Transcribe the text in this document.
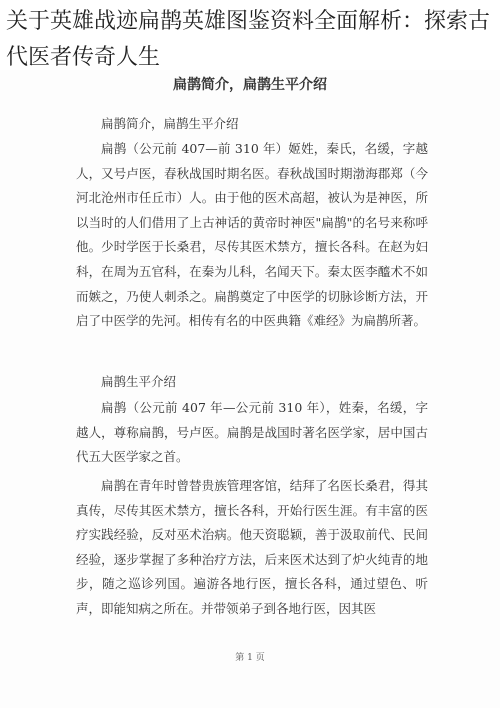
关于英雄战迹扁鹊英雄图鉴资料全面解析：探索古代医者传奇人生
扁鹊简介，扁鹊生平介绍

扁鹊简介，扁鹊生平介绍

扁鹊（公元前 407—前 310 年）姬姓，秦氏，名缓，字越人，又号卢医，春秋战国时期名医。春秋战国时期渤海郡郑（今河北沧州市任丘市）人。由于他的医术高超，被认为是神医，所以当时的人们借用了上古神话的黄帝时神医"扁鹊"的名号来称呼他。少时学医于长桑君，尽传其医术禁方，擅长各科。在赵为妇科，在周为五官科，在秦为儿科，名闻天下。秦太医李醯术不如而嫉之，乃使人刺杀之。扁鹊奠定了中医学的切脉诊断方法，开启了中医学的先河。相传有名的中医典籍《难经》为扁鹊所著。

扁鹊生平介绍

扁鹊（公元前 407 年—公元前 310 年），姓秦，名缓，字越人，尊称扁鹊，号卢医。扁鹊是战国时著名医学家，居中国古代五大医学家之首。

扁鹊在青年时曾替贵族管理客馆，结拜了名医长桑君，得其真传，尽传其医术禁方，擅长各科，开始行医生涯。有丰富的医疗实践经验，反对巫术治病。他天资聪颖，善于汲取前代、民间经验，逐步掌握了多种治疗方法，后来医术达到了炉火纯青的地步，随之巡诊列国。遍游各地行医，擅长各科，通过望色、听声，即能知病之所在。并带领弟子到各地行医，因其医

第 1 页
